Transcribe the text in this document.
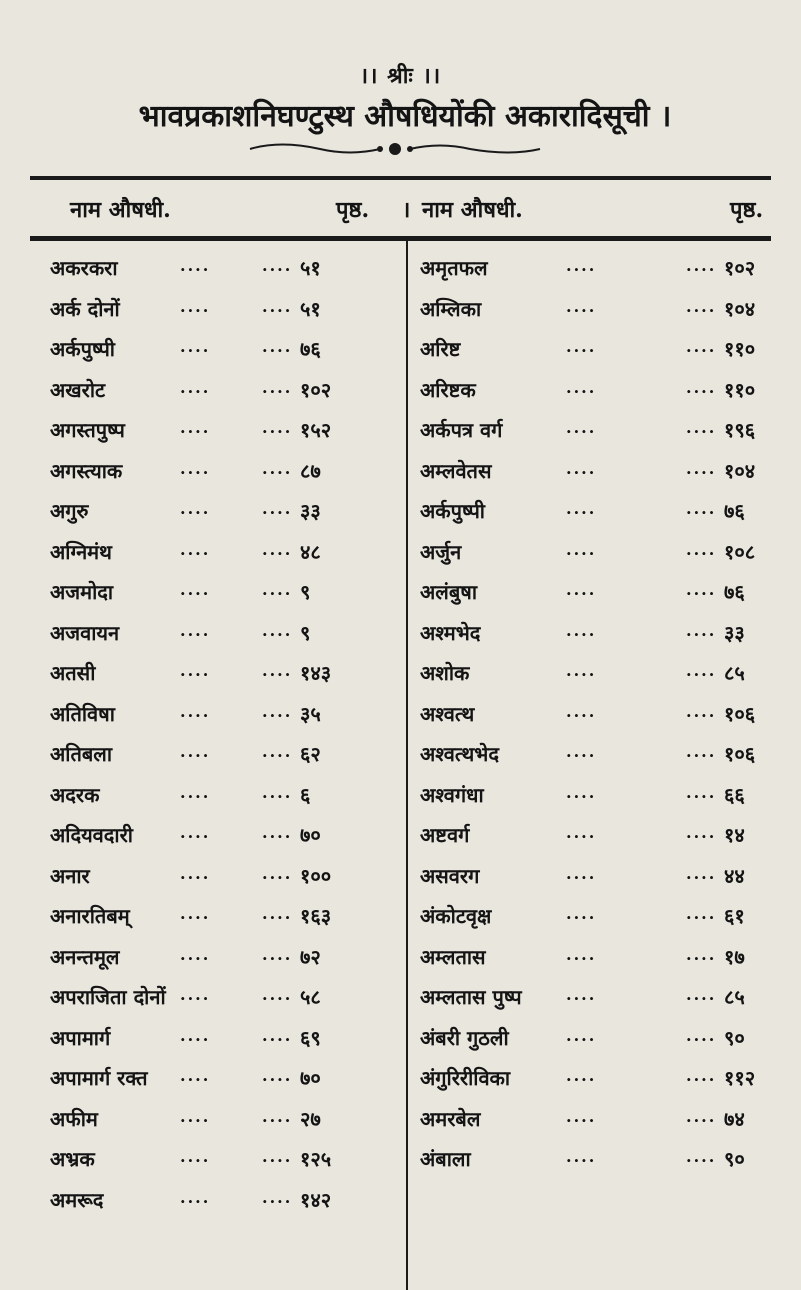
।। श्रीः ।।
भावप्रकाशनिघण्टुस्थ औषधियोंकी अकारादिसूची ।
नाम औषधी.	पृष्ठ. । नाम औषधी.	पृष्ठ.
अकरकरा	....	.... ५१
अर्क दोनों	....	.... ५१
अर्कपुष्पी	....	.... ७६
अखरोट	....	.... १०२
अगस्तपुष्प	....	.... १५२
अगस्त्याक	....	.... ८७
अगुरु	....	.... ३३
अग्निमंथ	....	.... ४८
अजमोदा	....	.... ९
अजवायन	....	.... ९
अतसी	....	.... १४३
अतिविषा	....	.... ३५
अतिबला	....	.... ६२
अदरक	....	.... ६
अदियवदारी	....	.... ७०
अनार	....	.... १००
अनारतिबम्	....	.... १६३
अनन्तमूल	....	.... ७२
अपराजिता दोनों ....	.... ५८
अपामार्ग	....	.... ६९
अपामार्ग रक्त ....	.... ७०
अफीम	....	.... २७
अभ्रक	....	.... १२५
अमरूद	....	.... १४२
अमृतफल	....	.... १०२
अम्लिका	....	.... १०४
अरिष्ट	....	.... ११०
अरिष्टक	....	.... ११०
अर्कपत्र वर्ग	....	.... १९६
अम्लवेतस	....	.... १०४
अर्कपुष्पी	....	.... ७६
अर्जुन	....	.... १०८
अलंबुषा	....	.... ७६
अश्मभेद	....	.... ३३
अशोक	....	.... ८५
अश्वत्थ	....	.... १०६
अश्वत्थभेद	....	.... १०६
अश्वगंधा	....	.... ६६
अष्टवर्ग	....	.... १४
असवरग	....	.... ४४
अंकोटवृक्ष	....	.... ६१
अम्लतास	....	.... १७
अम्लतास पुष्प	....	.... ८५
अंबरी गुठली	....	.... ९०
अंगुरिरीविका	....	.... ११२
अमरबेल	....	.... ७४
अंबाला	....	.... ९०
